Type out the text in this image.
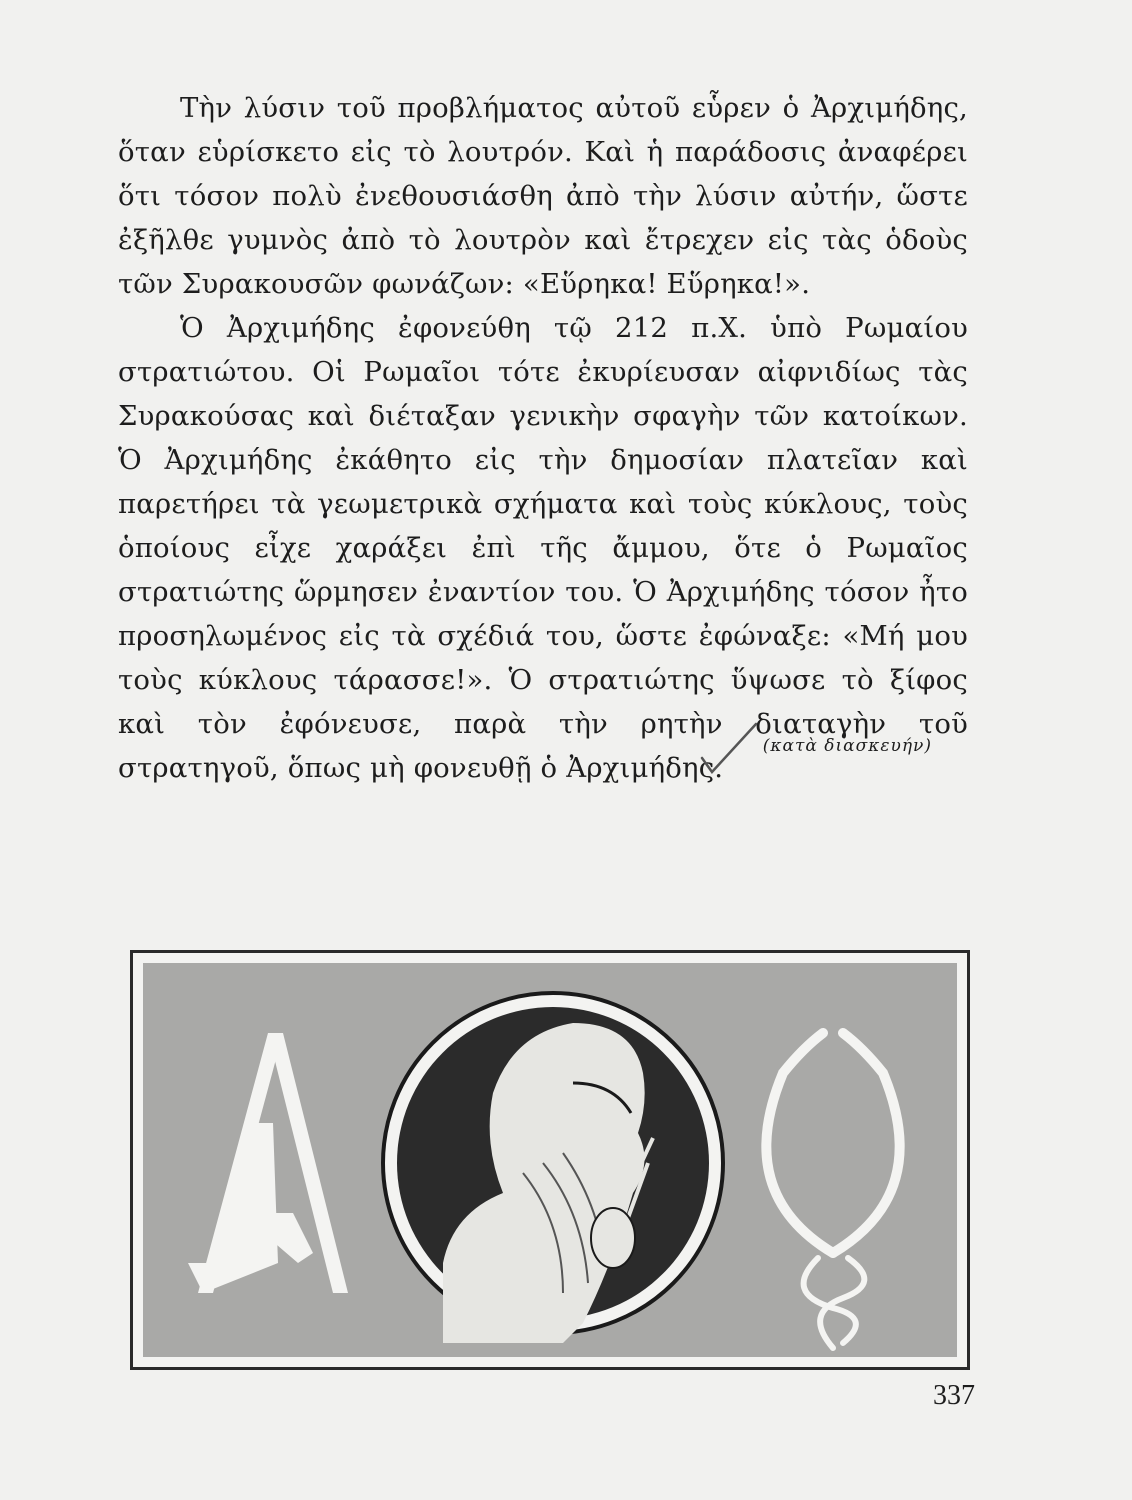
Τὴν λύσιν τοῦ προβλήματος αὐτοῦ εὗρεν ὁ Ἀρχιμήδης, ὅταν εὑρίσκετο εἰς τὸ λουτρόν. Καὶ ἡ παράδοσις ἀναφέρει ὅτι τόσον πολὺ ἐνεθουσιάσθη ἀπὸ τὴν λύσιν αὐτήν, ὥστε ἐξῆλθε γυμνὸς ἀπὸ τὸ λουτρὸν καὶ ἔτρεχεν εἰς τὰς ὁδοὺς τῶν Συρακουσῶν φωνάζων: «Εὕρηκα! Εὕρηκα!».

Ὁ Ἀρχιμήδης ἐφονεύθη τῷ 212 π.Χ. ὑπὸ Ρωμαίου στρατιώτου. Οἱ Ρωμαῖοι τότε ἐκυρίευσαν αἰφνιδίως τὰς Συρακούσας καὶ διέταξαν γενικὴν σφαγὴν τῶν κατοίκων. Ὁ Ἀρχιμήδης ἐκάθητο εἰς τὴν δημοσίαν πλατεῖαν καὶ παρετήρει τὰ γεωμετρικὰ σχήματα καὶ τοὺς κύκλους, τοὺς ὁποίους εἶχε χαράξει ἐπὶ τῆς ἄμμου, ὅτε ὁ Ρωμαῖος στρατιώτης ὥρμησεν ἐναντίον του. Ὁ Ἀρχιμήδης τόσον ἦτο προσηλωμένος εἰς τὰ σχέδιά του, ὥστε ἐφώναξε: «Μή μου τοὺς κύκλους τάρασσε!». Ὁ στρατιώτης ὕψωσε τὸ ξίφος καὶ τὸν ἐφόνευσε, παρὰ τὴν ρητὴν διαταγὴν τοῦ στρατηγοῦ, ὅπως μὴ φονευθῇ ὁ Ἀρχιμήδης.

(κατὰ διασκευήν)
337
